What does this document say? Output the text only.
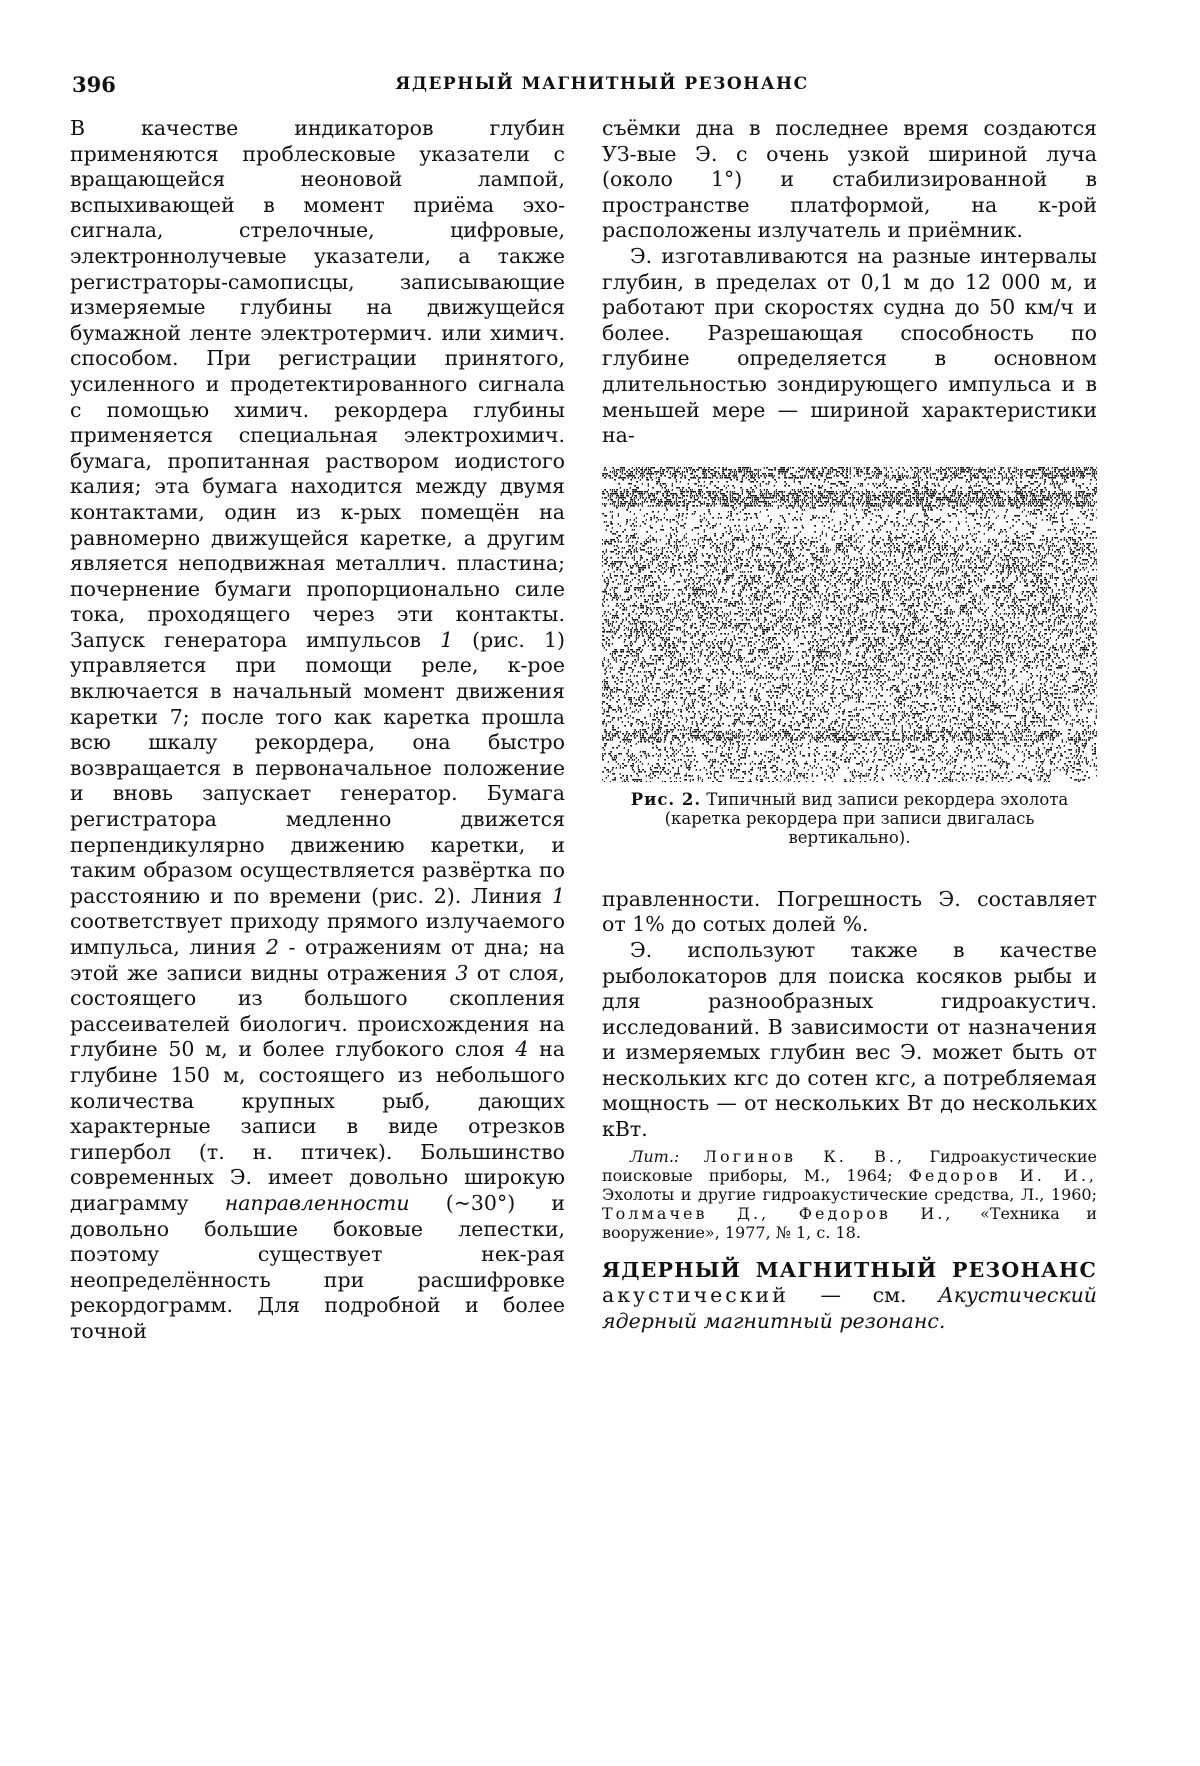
396	ЯДЕРНЫЙ МАГНИТНЫЙ РЕЗОНАНС

В качестве индикаторов глубин применяются проблесковые указатели с вращающейся неоновой лампой, вспыхивающей в момент приёма эхо-сигнала, стрелочные, цифровые, электроннолучевые указатели, а также регистраторы-самописцы, записывающие измеряемые глубины на движущейся бумажной ленте электротермич. или химич. способом. При регистрации принятого, усиленного и продетектированного сигнала с помощью химич. рекордера глубины применяется специальная электрохимич. бумага, пропитанная раствором иодистого калия; эта бумага находится между двумя контактами, один из к-рых помещён на равномерно движущейся каретке, а другим является неподвижная металлич. пластина; почернение бумаги пропорционально силе тока, проходящего через эти контакты. Запуск генератора импульсов 1 (рис. 1) управляется при помощи реле, к-рое включается в начальный момент движения каретки 7; после того как каретка прошла всю шкалу рекордера, она быстро возвращается в первоначальное положение и вновь запускает генератор. Бумага регистратора медленно движется перпендикулярно движению каретки, и таким образом осуществляется развёртка по расстоянию и по времени (рис. 2). Линия 1 соответствует приходу прямого излучаемого импульса, линия 2 - отражениям от дна; на этой же записи видны отражения 3 от слоя, состоящего из большого скопления рассеивателей биологич. происхождения на глубине 50 м, и более глубокого слоя 4 на глубине 150 м, состоящего из небольшого количества крупных рыб, дающих характерные записи в виде отрезков гипербол (т. н. птичек). Большинство современных Э. имеет довольно широкую диаграмму направленности (~30°) и довольно большие боковые лепестки, поэтому существует нек-рая неопределённость при расшифровке рекордограмм. Для подробной и более точной

съёмки дна в последнее время создаются УЗ-вые Э. с очень узкой шириной луча (около 1°) и стабилизированной в пространстве платформой, на к-рой расположены излучатель и приёмник.

Э. изготавливаются на разные интервалы глубин, в пределах от 0,1 м до 12 000 м, и работают при скоростях судна до 50 км/ч и более. Разрешающая способность по глубине определяется в основном длительностью зондирующего импульса и в меньшей мере — шириной характеристики на-

Рис. 2. Типичный вид записи рекордера эхолота (каретка рекордера при записи двигалась вертикально).

правленности. Погрешность Э. составляет от 1% до сотых долей %.

Э. используют также в качестве рыболокаторов для поиска косяков рыбы и для разнообразных гидроакустич. исследований. В зависимости от назначения и измеряемых глубин вес Э. может быть от нескольких кгс до сотен кгс, а потребляемая мощность — от нескольких Вт до нескольких кВт.

Лит.: Логинов К. В., Гидроакустические поисковые приборы, М., 1964; Федоров И. И., Эхолоты и другие гидроакустические средства, Л., 1960; Толмачев Д., Федоров И., «Техника и вооружение», 1977, № 1, с. 18.
ЯДЕРНЫЙ МАГНИТНЫЙ РЕЗОНАНС акустический — см. Акустический ядерный магнитный резонанс.
